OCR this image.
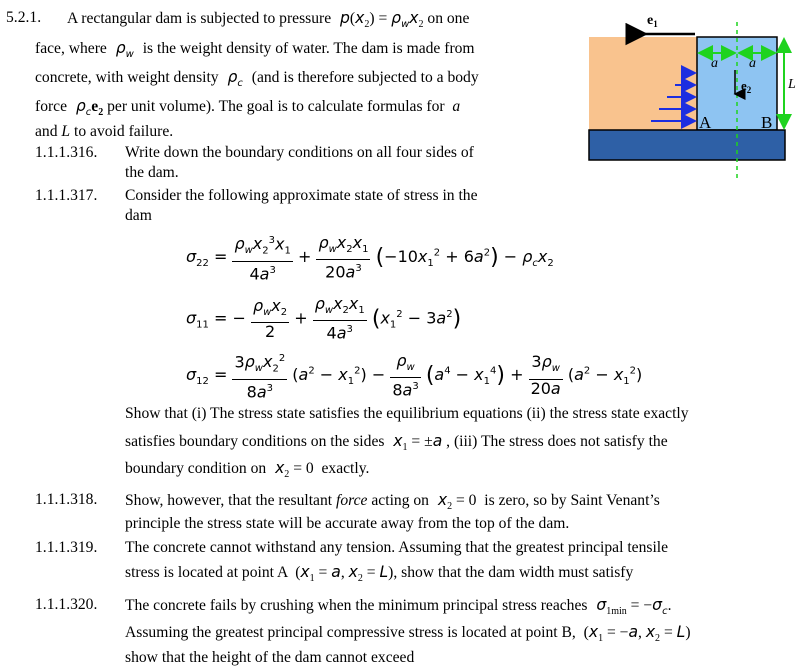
5.2.1. A rectangular dam is subjected to pressure  $p(x_2) = \rho_wx_2$ on one
face, where  $\rho_w$ is the weight density of water. The dam is made from
concrete, with weight density  $\rho_c$ (and is therefore subjected to a body
force  $\rho_ce_2$ per unit volume). The goal is to calculate formulas for  a
and L to avoid failure.
1.1.1.316. Write down the boundary conditions on all four sides of
the dam.
1.1.1.317. Consider the following approximate state of stress in the
dam
$\sigma_{22} = \frac{\rho_wx_2^3x_1}{4a^3} + \frac{\rho_wx_2x_1}{20a^3} (-10x_1^2 + 6a^2) - \rho_cx_2$
$\sigma_{11}$ = − $\frac{\rho_wx_2}{2} + \frac{\rho_wx_2x_1}{4a^3} (x_1^2 - 3a^2)$
$\sigma_{12} = \frac{3\rho_wx_2^2}{8a^3} (a^2 - x_1^2) - \frac{\rho_w}{8a^3} (a^4 - x_1^4) + \frac{3\rho_w}{20a} (a^2 - x_1^2)$
Show that (i) The stress state satisfies the equilibrium equations (ii) the stress state exactly
satisfies boundary conditions on the sides  $x_1 = \pm a$ , (iii) The stress does not satisfy the
boundary condition on  $x_2 = 0$  exactly.
1.1.1.318. Show, however, that the resultant force acting on  $x_2 = 0$  is zero, so by Saint Venant’s
principle the stress state will be accurate away from the top of the dam.
1.1.1.319. The concrete cannot withstand any tension. Assuming that the greatest principal tensile
stress is located at point A  ($x_1 = a$, $x_2 = L$), show that the dam width must satisfy
1.1.1.320. The concrete fails by crushing when the minimum principal stress reaches  $\sigma_{1min} = -\sigma_c$.
Assuming the greatest principal compressive stress is located at point B,  ($x_1 = -a$, $x_2 = L$)
show that the height of the dam cannot exceed
$e_1$
a a
$e_2$	L
A	B
